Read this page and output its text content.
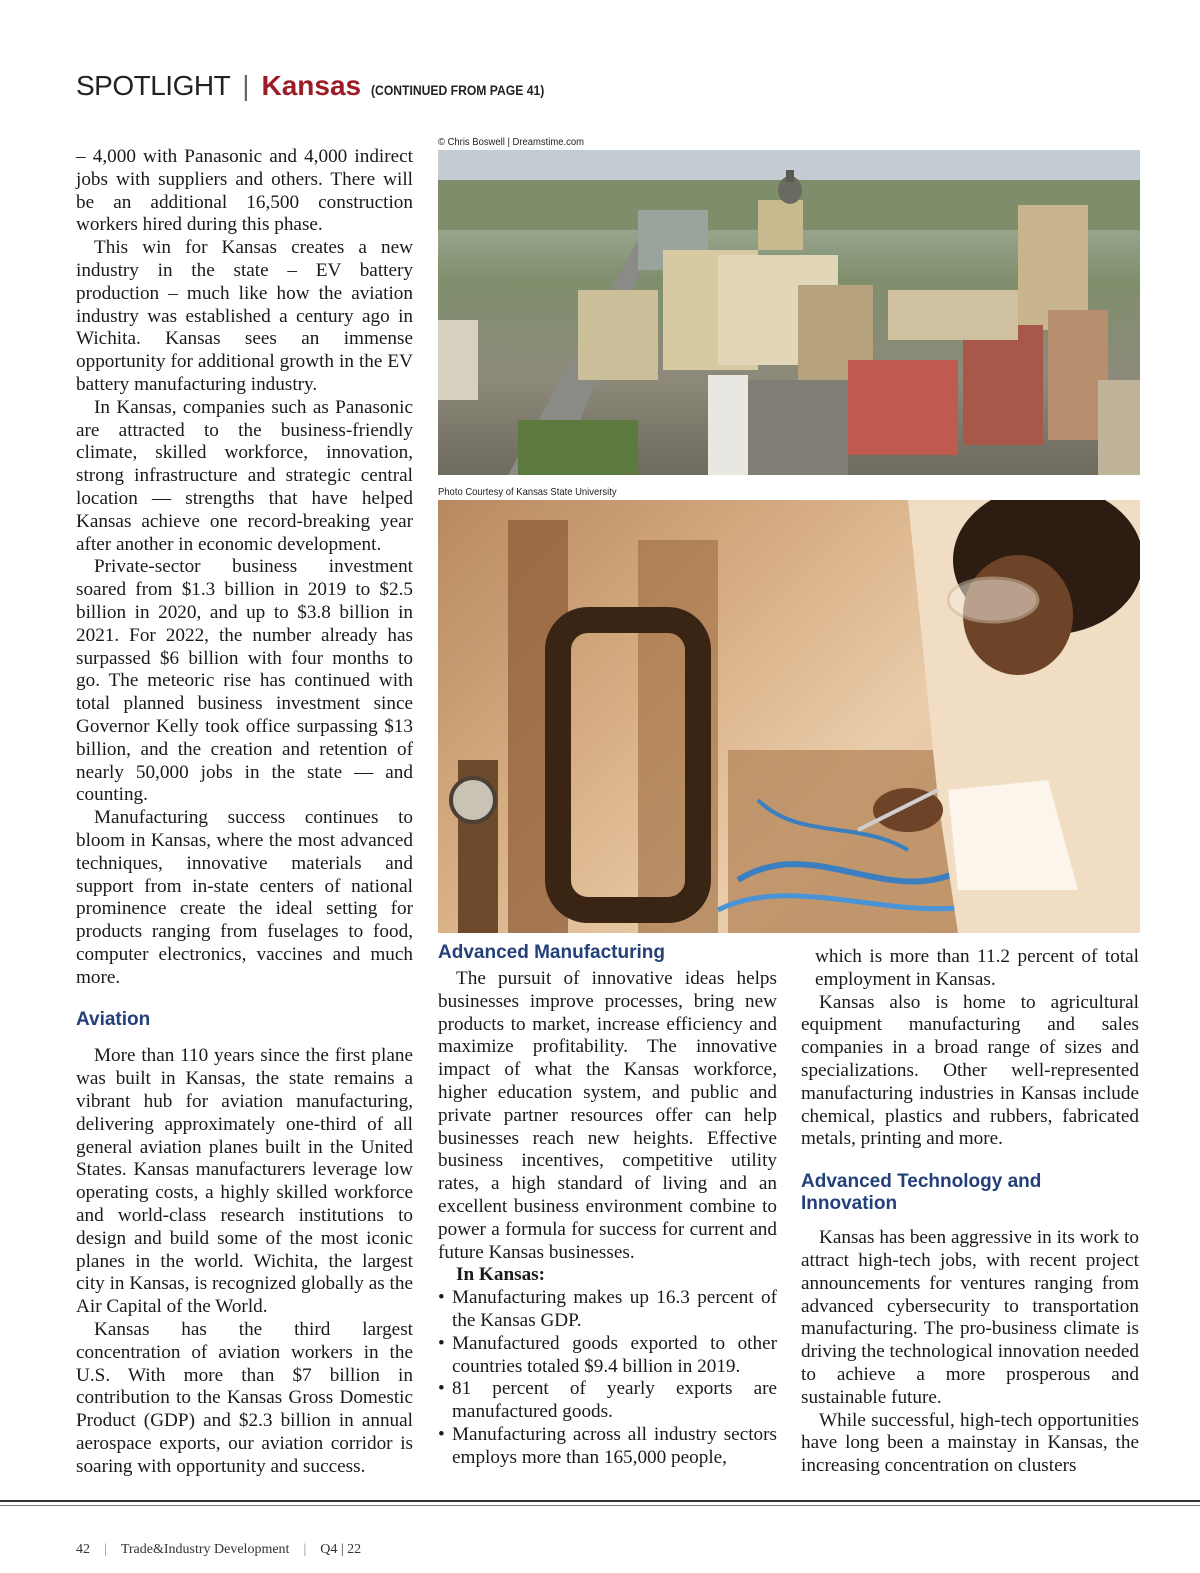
SPOTLIGHT | Kansas (CONTINUED FROM PAGE 41)

– 4,000 with Panasonic and 4,000 indirect jobs with suppliers and others. There will be an additional 16,500 construction workers hired during this phase.

This win for Kansas creates a new industry in the state – EV battery production – much like how the aviation industry was established a century ago in Wichita. Kansas sees an immense opportunity for additional growth in the EV battery manufacturing industry.

In Kansas, companies such as Panasonic are attracted to the business-friendly climate, skilled workforce, innovation, strong infrastructure and strategic central location — strengths that have helped Kansas achieve one record-breaking year after another in economic development.

Private-sector business investment soared from $1.3 billion in 2019 to $2.5 billion in 2020, and up to $3.8 billion in 2021. For 2022, the number already has surpassed $6 billion with four months to go. The meteoric rise has continued with total planned business investment since Governor Kelly took office surpassing $13 billion, and the creation and retention of nearly 50,000 jobs in the state — and counting.

Manufacturing success continues to bloom in Kansas, where the most advanced techniques, innovative materials and support from in-state centers of national prominence create the ideal setting for products ranging from fuselages to food, computer electronics, vaccines and much more.

Aviation

More than 110 years since the first plane was built in Kansas, the state remains a vibrant hub for aviation manufacturing, delivering approximately one-third of all general aviation planes built in the United States. Kansas manufacturers leverage low operating costs, a highly skilled workforce and world-class research institutions to design and build some of the most iconic planes in the world. Wichita, the largest city in Kansas, is recognized globally as the Air Capital of the World.

Kansas has the third largest concentration of aviation workers in the U.S. With more than $7 billion in contribution to the Kansas Gross Domestic Product (GDP) and $2.3 billion in annual aerospace exports, our aviation corridor is soaring with opportunity and success.

© Chris Boswell | Dreamstime.com
Photo Courtesy of Kansas State University
Advanced Manufacturing

The pursuit of innovative ideas helps businesses improve processes, bring new products to market, increase efficiency and maximize profitability. The innovative impact of what the Kansas workforce, higher education system, and public and private partner resources offer can help businesses reach new heights. Effective business incentives, competitive utility rates, a high standard of living and an excellent business environment combine to power a formula for success for current and future Kansas businesses.

In Kansas:

• Manufacturing makes up 16.3 percent of the Kansas GDP.
• Manufactured goods exported to other countries totaled $9.4 billion in 2019.
• 81 percent of yearly exports are manufactured goods.
• Manufacturing across all industry sectors employs more than 165,000 people,

which is more than 11.2 percent of total employment in Kansas.

Kansas also is home to agricultural equipment manufacturing and sales companies in a broad range of sizes and specializations. Other well-represented manufacturing industries in Kansas include chemical, plastics and rubbers, fabricated metals, printing and more.

Advanced Technology and Innovation

Kansas has been aggressive in its work to attract high-tech jobs, with recent project announcements for ventures ranging from advanced cybersecurity to transportation manufacturing. The pro-business climate is driving the technological innovation needed to achieve a more prosperous and sustainable future.

While successful, high-tech opportunities have long been a mainstay in Kansas, the increasing concentration on clusters

42 | Trade&Industry Development | Q4 | 22
